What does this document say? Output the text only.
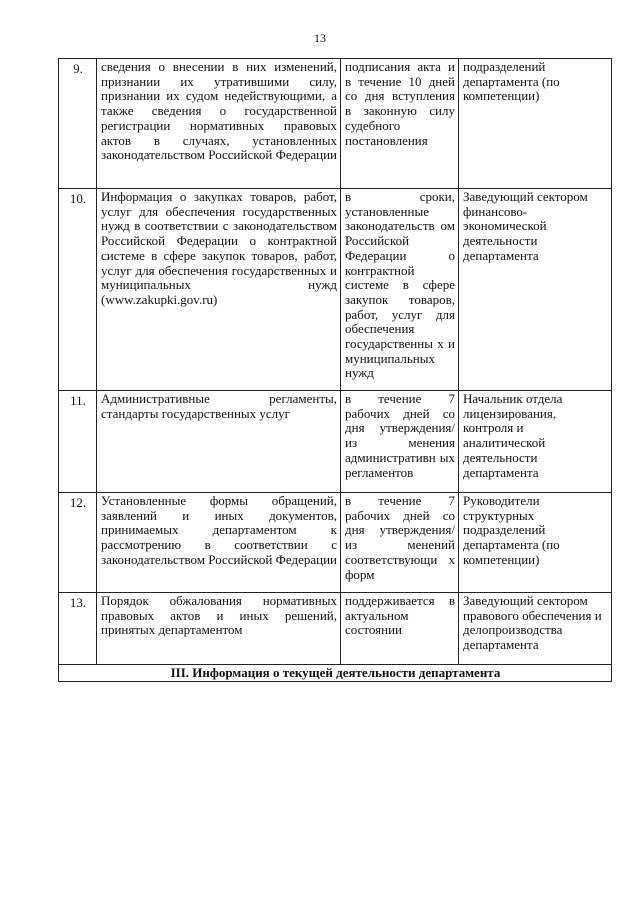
13
9.	сведения о внесении в них изменений, признании их утратившими силу, признании их судом недействующими, а также сведения о государственной регистрации нормативных правовых актов в случаях, установленных законодательством Российской Федерации	подписания акта и в течение 10 дней со дня вступления в законную силу судебного постановления	подразделений департамента (по компетенции)
10.	Информация о закупках товаров, работ, услуг для обеспечения государственных нужд в соответствии с законодательством Российской Федерации о контрактной системе в сфере закупок товаров, работ, услуг для обеспечения государственных и муниципальных нужд (www.zakupki.gov.ru)	в сроки, установленные законодательств ом Российской Федерации о контрактной системе в сфере закупок товаров, работ, услуг для обеспечения государственны х и муниципальных нужд	Заведующий сектором финансово-экономической деятельности департамента
11.	Административные регламенты, стандарты государственных услуг	в течение 7 рабочих дней со дня утверждения/из менения административн ых регламентов	Начальник отдела лицензирования, контроля и аналитической деятельности департамента
12.	Установленные формы обращений, заявлений и иных документов, принимаемых департаментом к рассмотрению в соответствии с законодательством Российской Федерации	в течение 7 рабочих дней со дня утверждения/из менений соответствующи х форм	Руководители структурных подразделений департамента (по компетенции)
13.	Порядок обжалования нормативных правовых актов и иных решений, принятых департаментом	поддерживается в актуальном состоянии	Заведующий сектором правового обеспечения и делопроизводства департамента
III. Информация о текущей деятельности департамента			
